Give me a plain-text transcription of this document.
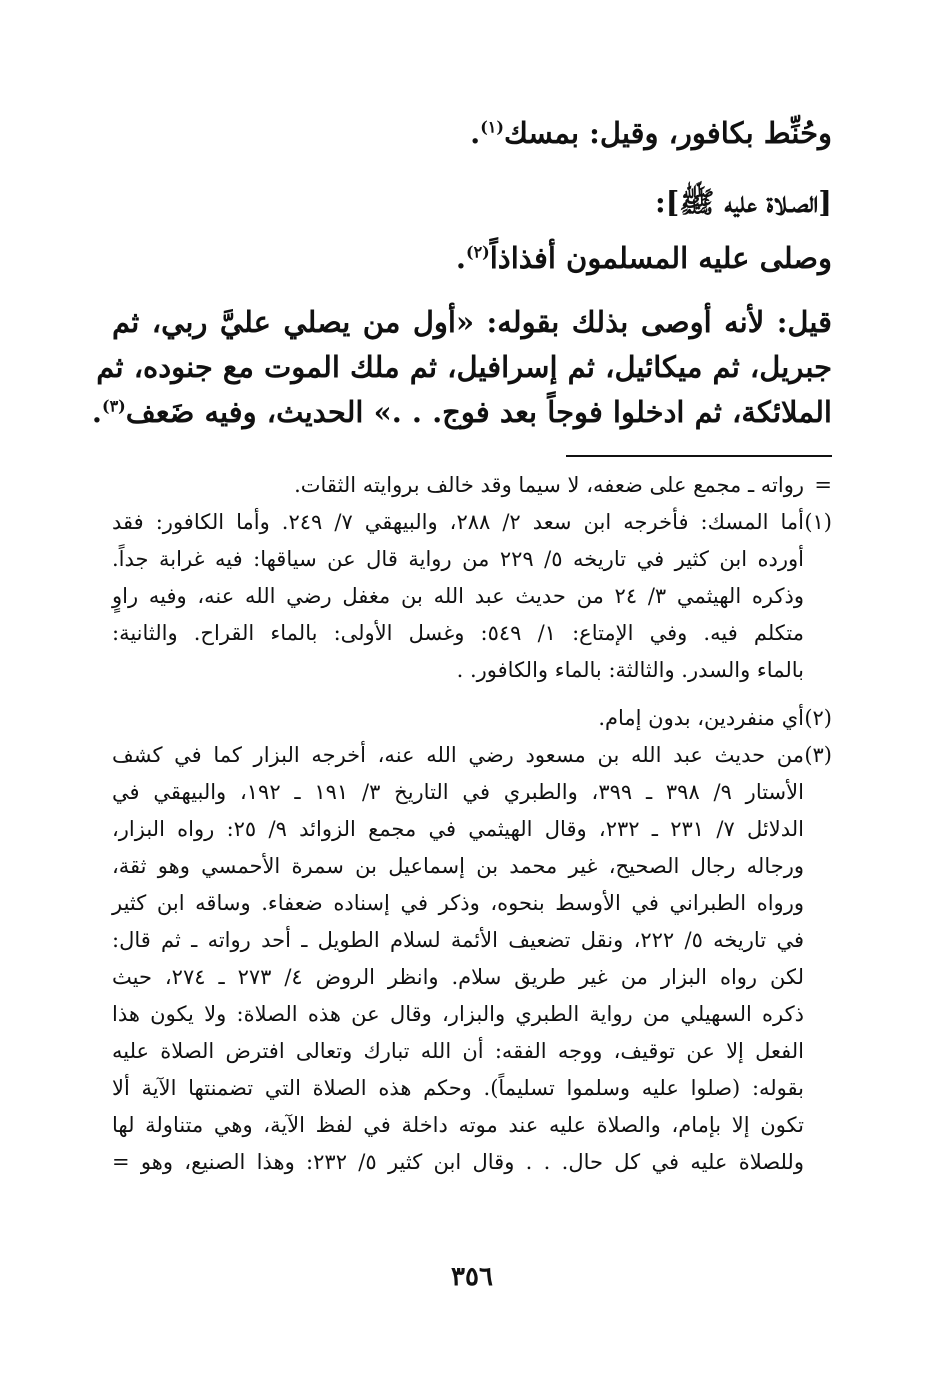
وحُنِّط بكافور، وقيل: بمسك$^{(١)}$.
[الصـلاة عليه ﷺ]:
وصلى عليه المسلمون أفذاذاً$^{(٢)}$.
قيل: لأنه أوصى بذلك بقوله: «أول من يصلي عليَّ ربي، ثم
جبريل، ثم ميكائيل، ثم إسرافيل، ثم ملك الموت مع جنوده، ثم
الملائكة، ثم ادخلوا فوجاً بعد فوج. . .» الحديث، وفيه ضَعف$^{(٣)}$.
=
رواته ـ مجمع على ضعفه، لا سيما وقد خالف بروايته الثقات.
(١)
أما المسك: فأخرجه ابن سعد ٢/ ٢٨٨، والبيهقي ٧/ ٢٤٩. وأما الكافور: فقد
أورده ابن كثير في تاريخه ٥/ ٢٢٩ من رواية قال عن سياقها: فيه غرابة جداً.
وذكره الهيثمي ٣/ ٢٤ من حديث عبد الله بن مغفل رضي الله عنه، وفيه راوٍ
متكلم فيه. وفي الإمتاع: ١/ ٥٤٩: وغسل الأولى: بالماء القراح. والثانية:
بالماء والسدر. والثالثة: بالماء والكافور. .
(٢)
أي منفردين، بدون إمام.
(٣)
من حديث عبد الله بن مسعود رضي الله عنه، أخرجه البزار كما في كشف
الأستار ٩/ ٣٩٨ ـ ٣٩٩، والطبري في التاريخ ٣/ ١٩١ ـ ١٩٢، والبيهقي في
الدلائل ٧/ ٢٣١ ـ ٢٣٢، وقال الهيثمي في مجمع الزوائد ٩/ ٢٥: رواه البزار،
ورجاله رجال الصحيح، غير محمد بن إسماعيل بن سمرة الأحمسي وهو ثقة،
ورواه الطبراني في الأوسط بنحوه، وذكر في إسناده ضعفاء. وساقه ابن كثير
في تاريخه ٥/ ٢٢٢، ونقل تضعيف الأئمة لسلام الطويل ـ أحد رواته ـ ثم قال:
لكن رواه البزار من غير طريق سلام. وانظر الروض ٤/ ٢٧٣ ـ ٢٧٤، حيث
ذكره السهيلي من رواية الطبري والبزار، وقال عن هذه الصلاة: ولا يكون هذا
الفعل إلا عن توقيف، ووجه الفقه: أن الله تبارك وتعالى افترض الصلاة عليه
بقوله: (صلوا عليه وسلموا تسليماً). وحكم هذه الصلاة التي تضمنتها الآية ألا
تكون إلا بإمام، والصلاة عليه عند موته داخلة في لفظ الآية، وهي متناولة لها
وللصلاة عليه في كل حال. . . وقال ابن كثير ٥/ ٢٣٢: وهذا الصنيع، وهو =
٣٥٦
